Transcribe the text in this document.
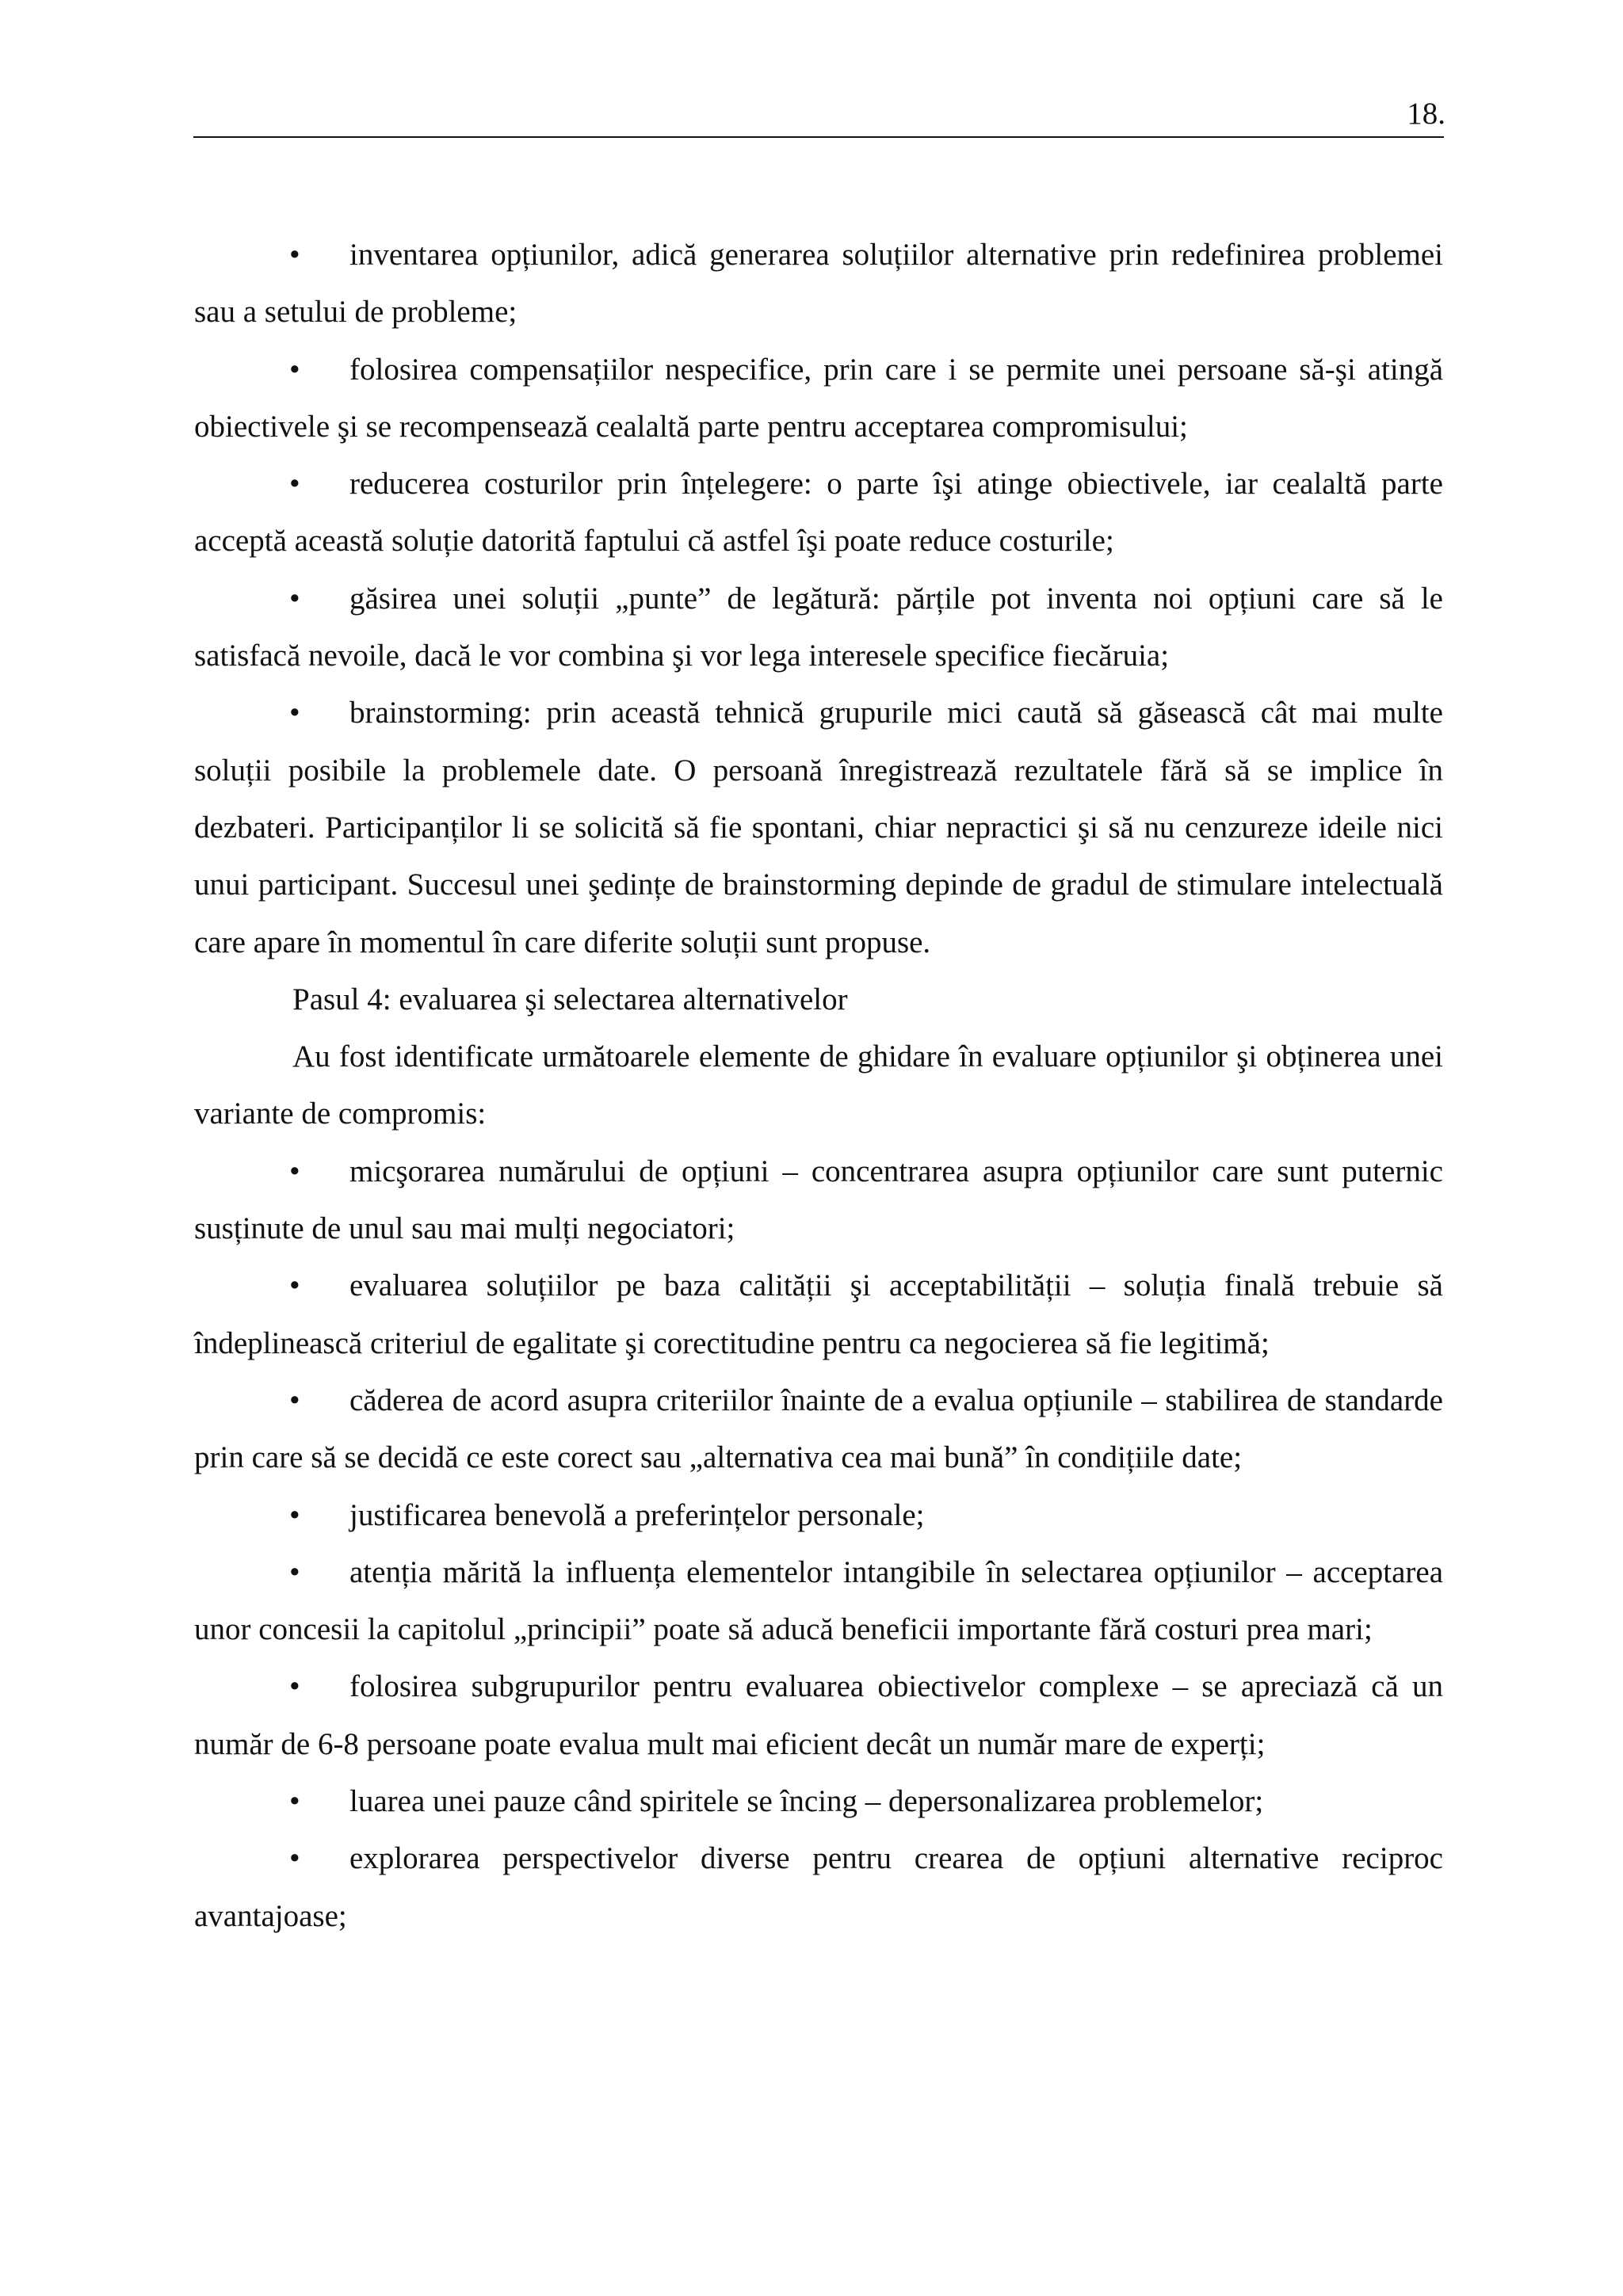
18.

• inventarea opțiunilor, adică generarea soluțiilor alternative prin redefinirea problemei sau a setului de probleme;

• folosirea compensațiilor nespecifice, prin care i se permite unei persoane să-şi atingă obiectivele şi se recompensează cealaltă parte pentru acceptarea compromisului;

• reducerea costurilor prin înțelegere: o parte îşi atinge obiectivele, iar cealaltă parte acceptă această soluție datorită faptului că astfel îşi poate reduce costurile;

• găsirea unei soluții „punte” de legătură: părțile pot inventa noi opțiuni care să le satisfacă nevoile, dacă le vor combina şi vor lega interesele specifice fiecăruia;

• brainstorming: prin această tehnică grupurile mici caută să găsească cât mai multe soluții posibile la problemele date. O persoană înregistrează rezultatele fără să se implice în dezbateri. Participanților li se solicită să fie spontani, chiar nepractici şi să nu cenzureze ideile nici unui participant. Succesul unei şedințe de brainstorming depinde de gradul de stimulare intelectuală care apare în momentul în care diferite soluții sunt propuse.

Pasul 4: evaluarea şi selectarea alternativelor

Au fost identificate următoarele elemente de ghidare în evaluare opțiunilor şi obținerea unei variante de compromis:

• micşorarea numărului de opțiuni – concentrarea asupra opțiunilor care sunt puternic susținute de unul sau mai mulți negociatori;

• evaluarea soluțiilor pe baza calității şi acceptabilității – soluția finală trebuie să îndeplinească criteriul de egalitate şi corectitudine pentru ca negocierea să fie legitimă;

• căderea de acord asupra criteriilor înainte de a evalua opțiunile – stabilirea de standarde prin care să se decidă ce este corect sau „alternativa cea mai bună” în condițiile date;

• justificarea benevolă a preferințelor personale;

• atenția mărită la influența elementelor intangibile în selectarea opțiunilor – acceptarea unor concesii la capitolul „principii” poate să aducă beneficii importante fără costuri prea mari;

• folosirea subgrupurilor pentru evaluarea obiectivelor complexe – se apreciază că un număr de 6-8 persoane poate evalua mult mai eficient decât un număr mare de experți;

• luarea unei pauze când spiritele se încing – depersonalizarea problemelor;

• explorarea perspectivelor diverse pentru crearea de opțiuni alternative reciproc avantajoase;
